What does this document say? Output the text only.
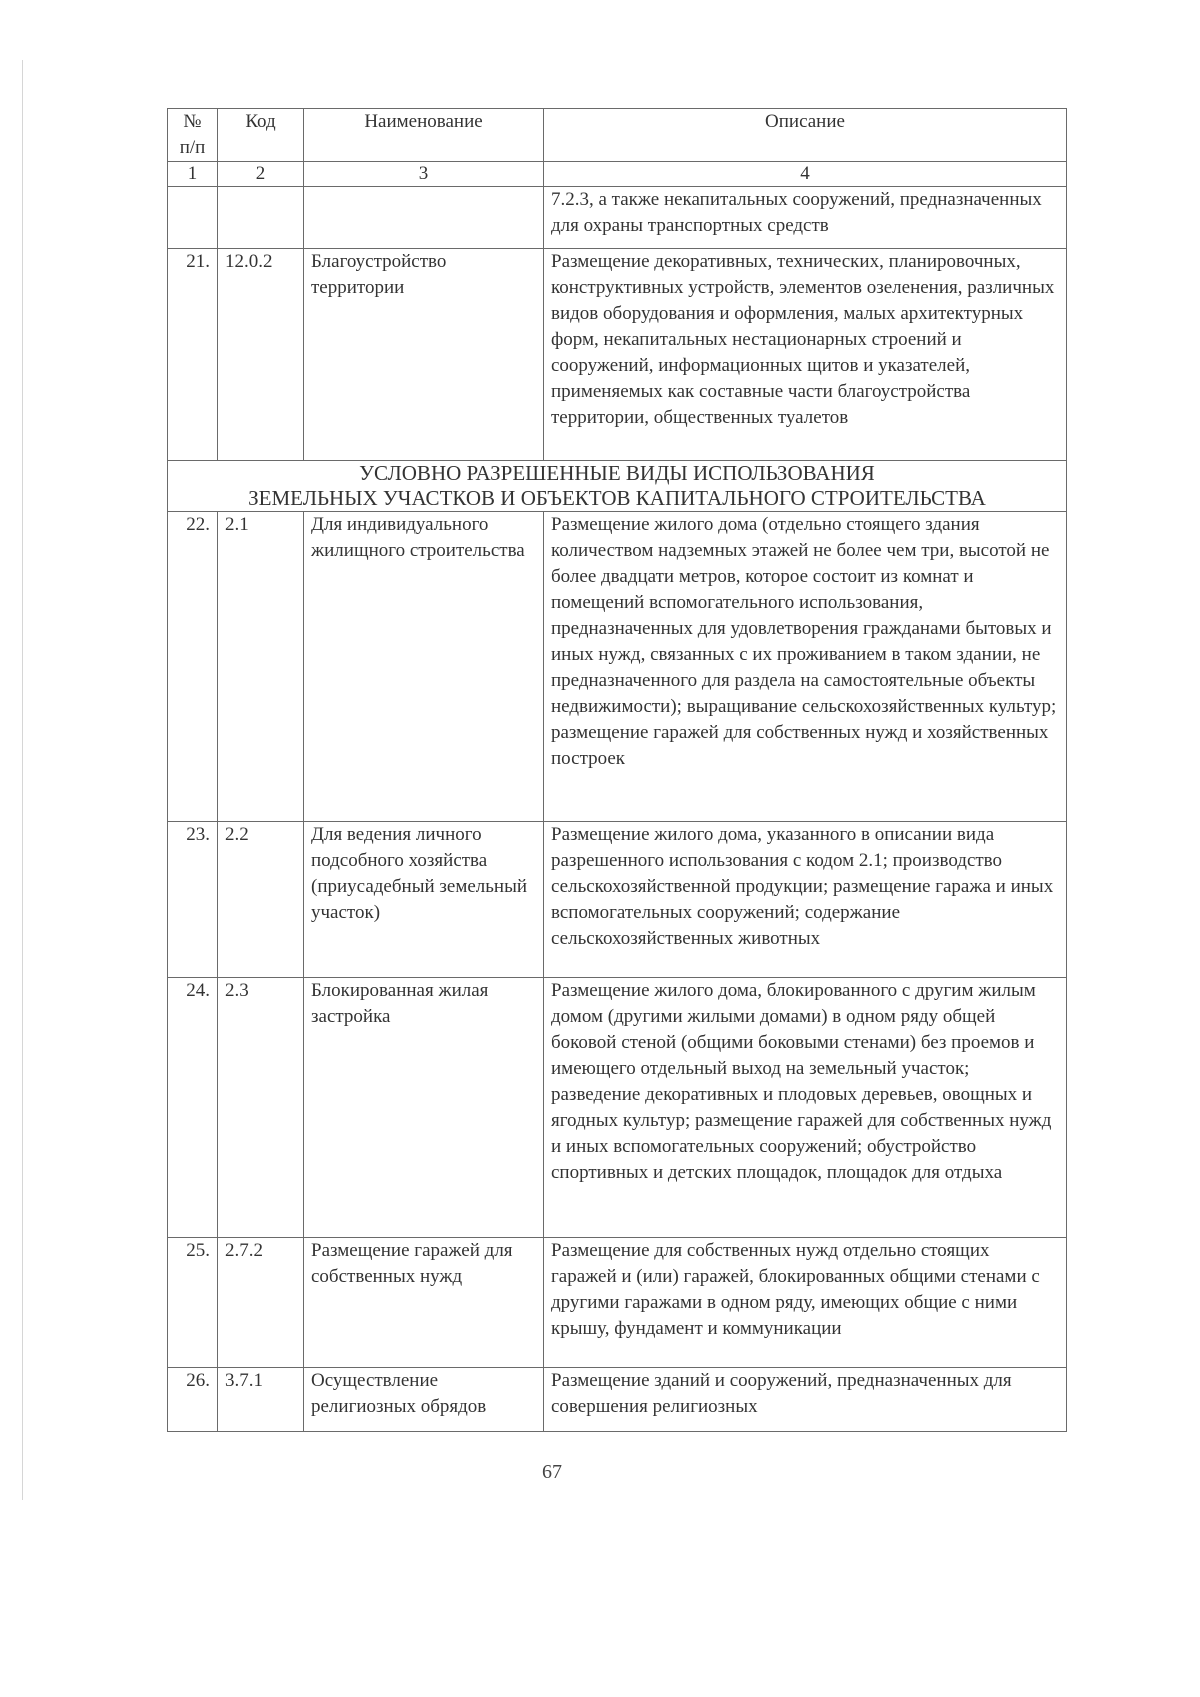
№ п/п	Код	Наименование	Описание
1	2	3	4
			7.2.3, а также некапитальных сооружений, предназначенных для охраны транспортных средств
21.	12.0.2	Благоустройство территории	Размещение декоративных, технических, планировочных, конструктивных устройств, элементов озеленения, различных видов оборудования и оформления, малых архитектурных форм, некапитальных нестационарных строений и сооружений, информационных щитов и указателей, применяемых как составные части благоустройства территории, общественных туалетов

УСЛОВНО РАЗРЕШЕННЫЕ ВИДЫ ИСПОЛЬЗОВАНИЯ
ЗЕМЕЛЬНЫХ УЧАСТКОВ И ОБЪЕКТОВ КАПИТАЛЬНОГО СТРОИТЕЛЬСТВА			

22.	2.1	Для индивидуального жилищного строительства	Размещение жилого дома (отдельно стоящего здания количеством надземных этажей не более чем три, высотой не более двадцати метров, которое состоит из комнат и помещений вспомогательного использования, предназначенных для удовлетворения гражданами бытовых и иных нужд, связанных с их проживанием в таком здании, не предназначенного для раздела на самостоятельные объекты недвижимости); выращивание сельскохозяйственных культур; размещение гаражей для собственных нужд и хозяйственных построек
23.	2.2	Для ведения личного подсобного хозяйства (приусадебный земельный участок)	Размещение жилого дома, указанного в описании вида разрешенного использования с кодом 2.1; производство сельскохозяйственной продукции; размещение гаража и иных вспомогательных сооружений; содержание сельскохозяйственных животных
24.	2.3	Блокированная жилая застройка	Размещение жилого дома, блокированного с другим жилым домом (другими жилыми домами) в одном ряду общей боковой стеной (общими боковыми стенами) без проемов и имеющего отдельный выход на земельный участок; разведение декоративных и плодовых деревьев, овощных и ягодных культур; размещение гаражей для собственных нужд и иных вспомогательных сооружений; обустройство спортивных и детских площадок, площадок для отдыха
25.	2.7.2	Размещение гаражей для собственных нужд	Размещение для собственных нужд отдельно стоящих гаражей и (или) гаражей, блокированных общими стенами с другими гаражами в одном ряду, имеющих общие с ними крышу, фундамент и коммуникации
26.	3.7.1	Осуществление религиозных обрядов	Размещение зданий и сооружений, предназначенных для совершения религиозных
67
